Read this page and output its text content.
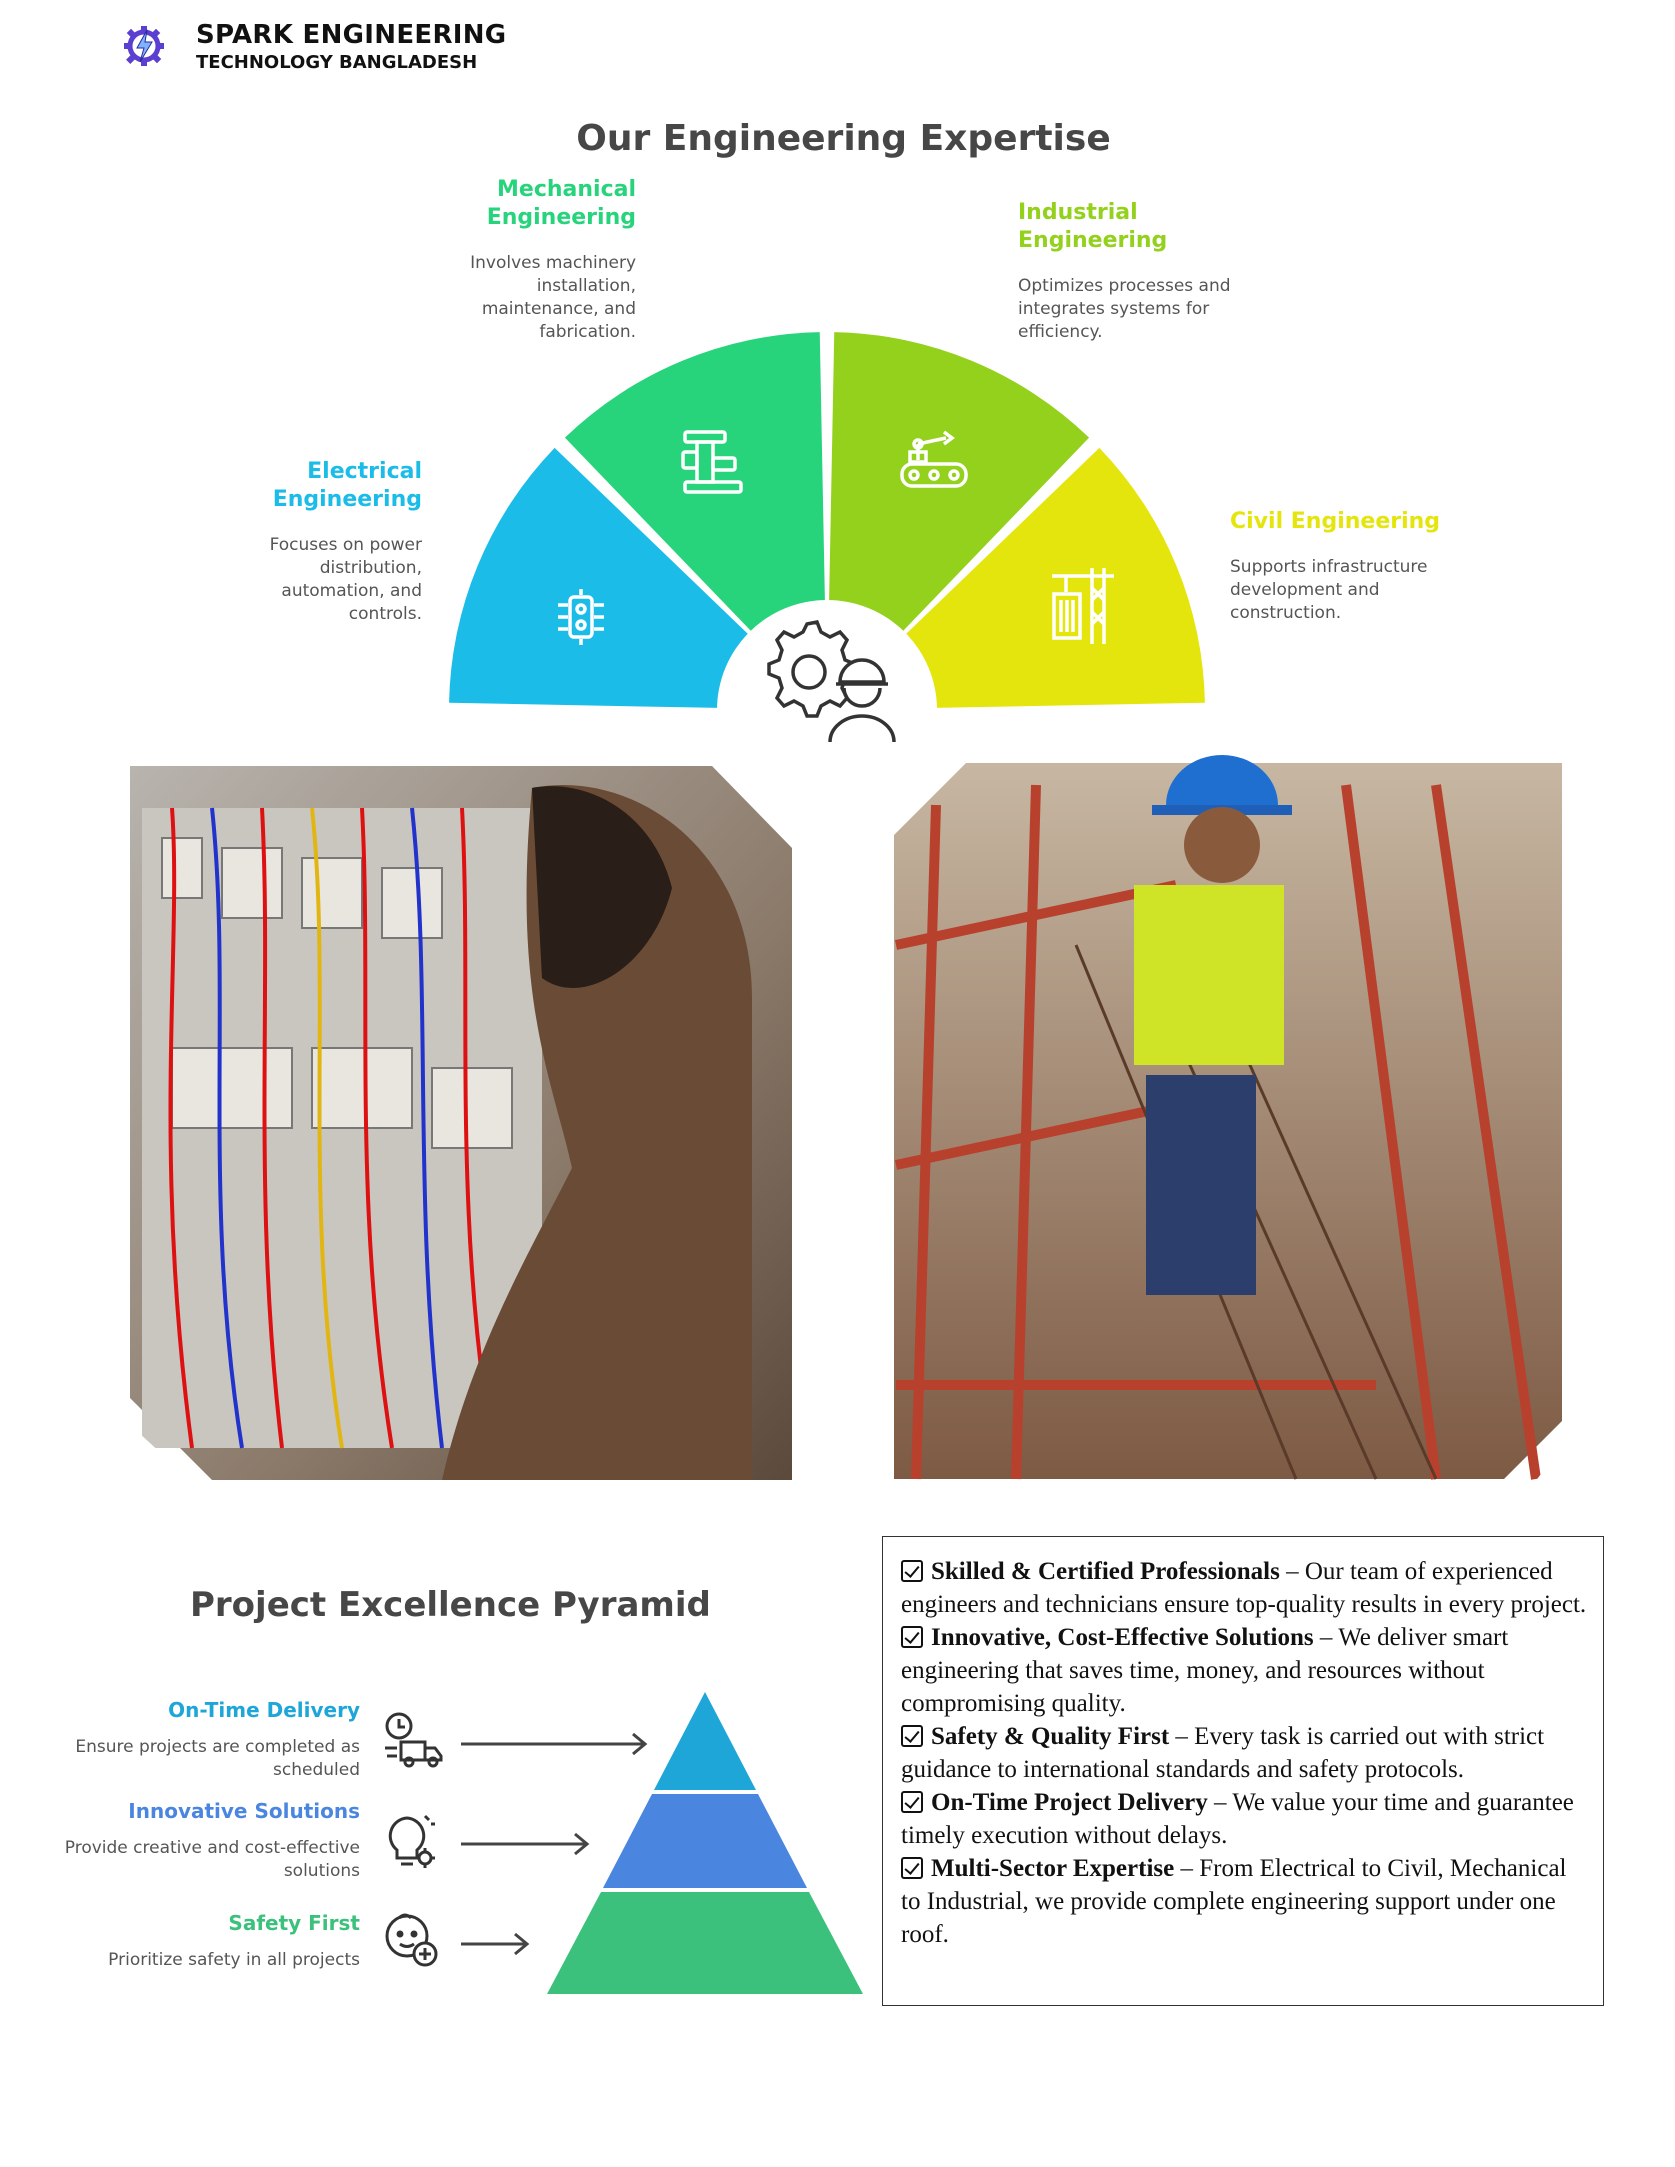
SPARK ENGINEERING
TECHNOLOGY BANGLADESH
Our Engineering Expertise
Mechanical
Engineering
Involves machinery
installation,
maintenance, and
fabrication.
Industrial
Engineering
Optimizes processes and
integrates systems for
efficiency.
Electrical
Engineering
Focuses on power
distribution,
automation, and
controls.
Civil Engineering
Supports infrastructure
development and
construction.
Project Excellence Pyramid
On-Time Delivery
Ensure projects are completed as
scheduled
Innovative Solutions
Provide creative and cost-effective
solutions
Safety First
Prioritize safety in all projects
Skilled & Certified Professionals – Our team of experienced engineers and technicians ensure top-quality results in every project.
Innovative, Cost-Effective Solutions – We deliver smart engineering that saves time, money, and resources without compromising quality.
Safety & Quality First – Every task is carried out with strict guidance to international standards and safety protocols.
On-Time Project Delivery – We value your time and guarantee timely execution without delays.
Multi-Sector Expertise – From Electrical to Civil, Mechanical to Industrial, we provide complete engineering support under one roof.
